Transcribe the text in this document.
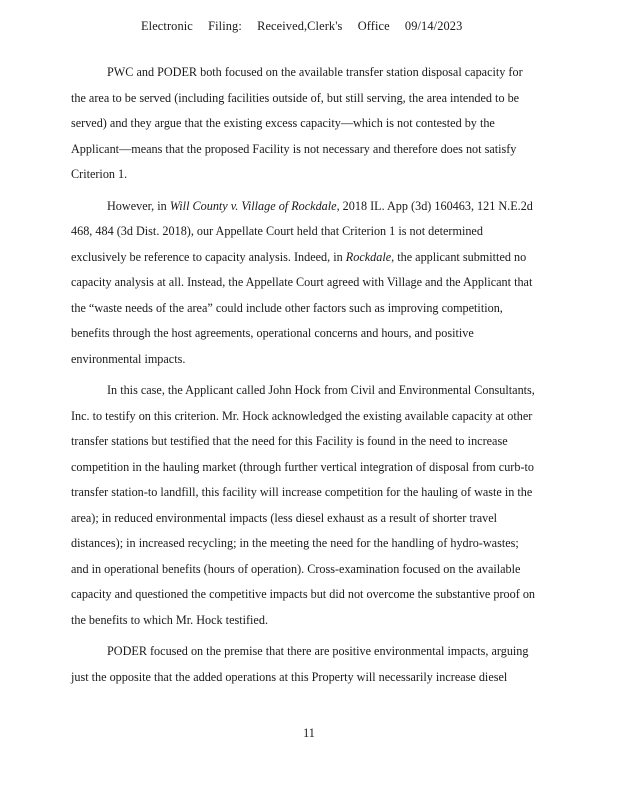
Electronic Filing: Received,Clerk's Office 09/14/2023

PWC and PODER both focused on the available transfer station disposal capacity for the area to be served (including facilities outside of, but still serving, the area intended to be served) and they argue that the existing excess capacity—which is not contested by the Applicant—means that the proposed Facility is not necessary and therefore does not satisfy Criterion 1.

However, in Will County v. Village of Rockdale, 2018 IL. App (3d) 160463, 121 N.E.2d 468, 484 (3d Dist. 2018), our Appellate Court held that Criterion 1 is not determined exclusively be reference to capacity analysis. Indeed, in Rockdale, the applicant submitted no capacity analysis at all. Instead, the Appellate Court agreed with Village and the Applicant that the “waste needs of the area” could include other factors such as improving competition, benefits through the host agreements, operational concerns and hours, and positive environmental impacts.

In this case, the Applicant called John Hock from Civil and Environmental Consultants, Inc. to testify on this criterion. Mr. Hock acknowledged the existing available capacity at other transfer stations but testified that the need for this Facility is found in the need to increase competition in the hauling market (through further vertical integration of disposal from curb-to transfer station-to landfill, this facility will increase competition for the hauling of waste in the area); in reduced environmental impacts (less diesel exhaust as a result of shorter travel distances); in increased recycling; in the meeting the need for the handling of hydro-wastes; and in operational benefits (hours of operation). Cross-examination focused on the available capacity and questioned the competitive impacts but did not overcome the substantive proof on the benefits to which Mr. Hock testified.

PODER focused on the premise that there are positive environmental impacts, arguing just the opposite that the added operations at this Property will necessarily increase diesel

11
